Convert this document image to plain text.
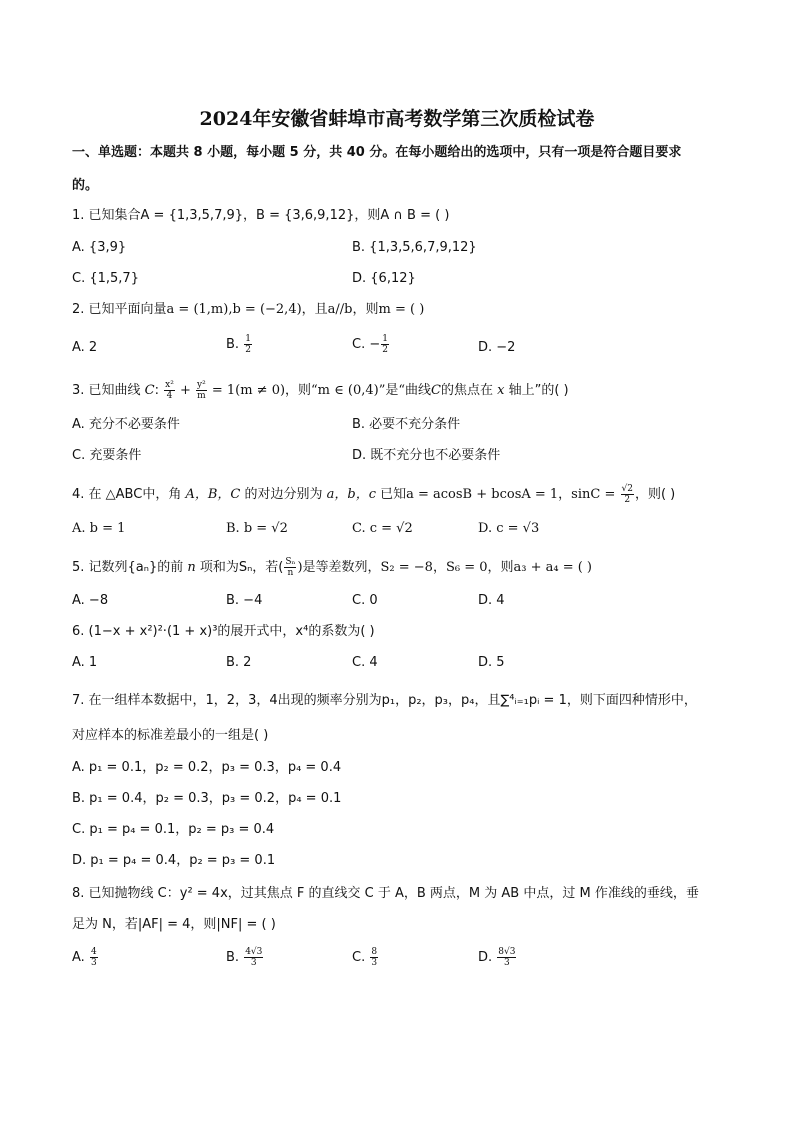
2024年安徽省蚌埠市高考数学第三次质检试卷
一、单选题：本题共 8 小题，每小题 5 分，共 40 分。在每小题给出的选项中，只有一项是符合题目要求
的。
1. 已知集合A = {1,3,5,7,9}，B = {3,6,9,12}，则A ∩ B = ( )
A. {3,9}	B. {1,3,5,6,7,9,12}
C. {1,5,7}	D. {6,12}
2. 已知平面向量a = (1,m),b = (−2,4)，且a//b，则m = ( )
A. 2	B. $\frac{1}{2}$	C. − $\frac{1}{2}$	D. −2
3. 已知曲线 C: $\frac{\text{x²}}{4} + \frac{\text{y²}}{m} = 1(m \ne 0)$，则“m ∈ (0,4)”是“曲线C的焦点在 x 轴上”的( )
A. 充分不必要条件	B. 必要不充分条件
C. 充要条件	D. 既不充分也不必要条件
4. 在 △ABC中，角 A，B，C 的对边分别为 a，b，c 已知a = acosB + bcosA = 1，$\sin C = \frac{√2}{2}$ ，则( )
A. b = 1	B. b = √2	C. c = √2	D. c = √3
5. 记数列{aₙ}的前 n 项和为Sₙ，若( $\frac{\text{Sₙ}}{n}$ )是等差数列，S₂ = −8，S₆ = 0，则a₃ + a₄ = ( )
A. −8	B. −4	C. 0	D. 4
6. (1−x + x²)²·(1 + x)³的展开式中，x⁴的系数为( )
A. 1	B. 2	C. 4	D. 5
7. 在一组样本数据中，1，2，3，4出现的频率分别为p₁，p₂，p₃，p₄，且∑⁴ᵢ₌₁pᵢ = 1，则下面四种情形中，
对应样本的标准差最小的一组是( )
A. p₁ = 0.1，p₂ = 0.2，p₃ = 0.3，p₄ = 0.4
B. p₁ = 0.4，p₂ = 0.3，p₃ = 0.2，p₄ = 0.1
C. p₁ = p₄ = 0.1，p₂ = p₃ = 0.4
D. p₁ = p₄ = 0.4，p₂ = p₃ = 0.1
8. 已知抛物线 C：y² = 4x，过其焦点 F 的直线交 C 于 A，B 两点，M 为 AB 中点，过 M 作准线的垂线，垂
足为 N，若|AF| = 4，则|NF| = ( )
A. $\frac{4}{3}$	B. $\frac{4√3}{3}$	C. $\frac{8}{3}$	D. $\frac{8√3}{3}$
